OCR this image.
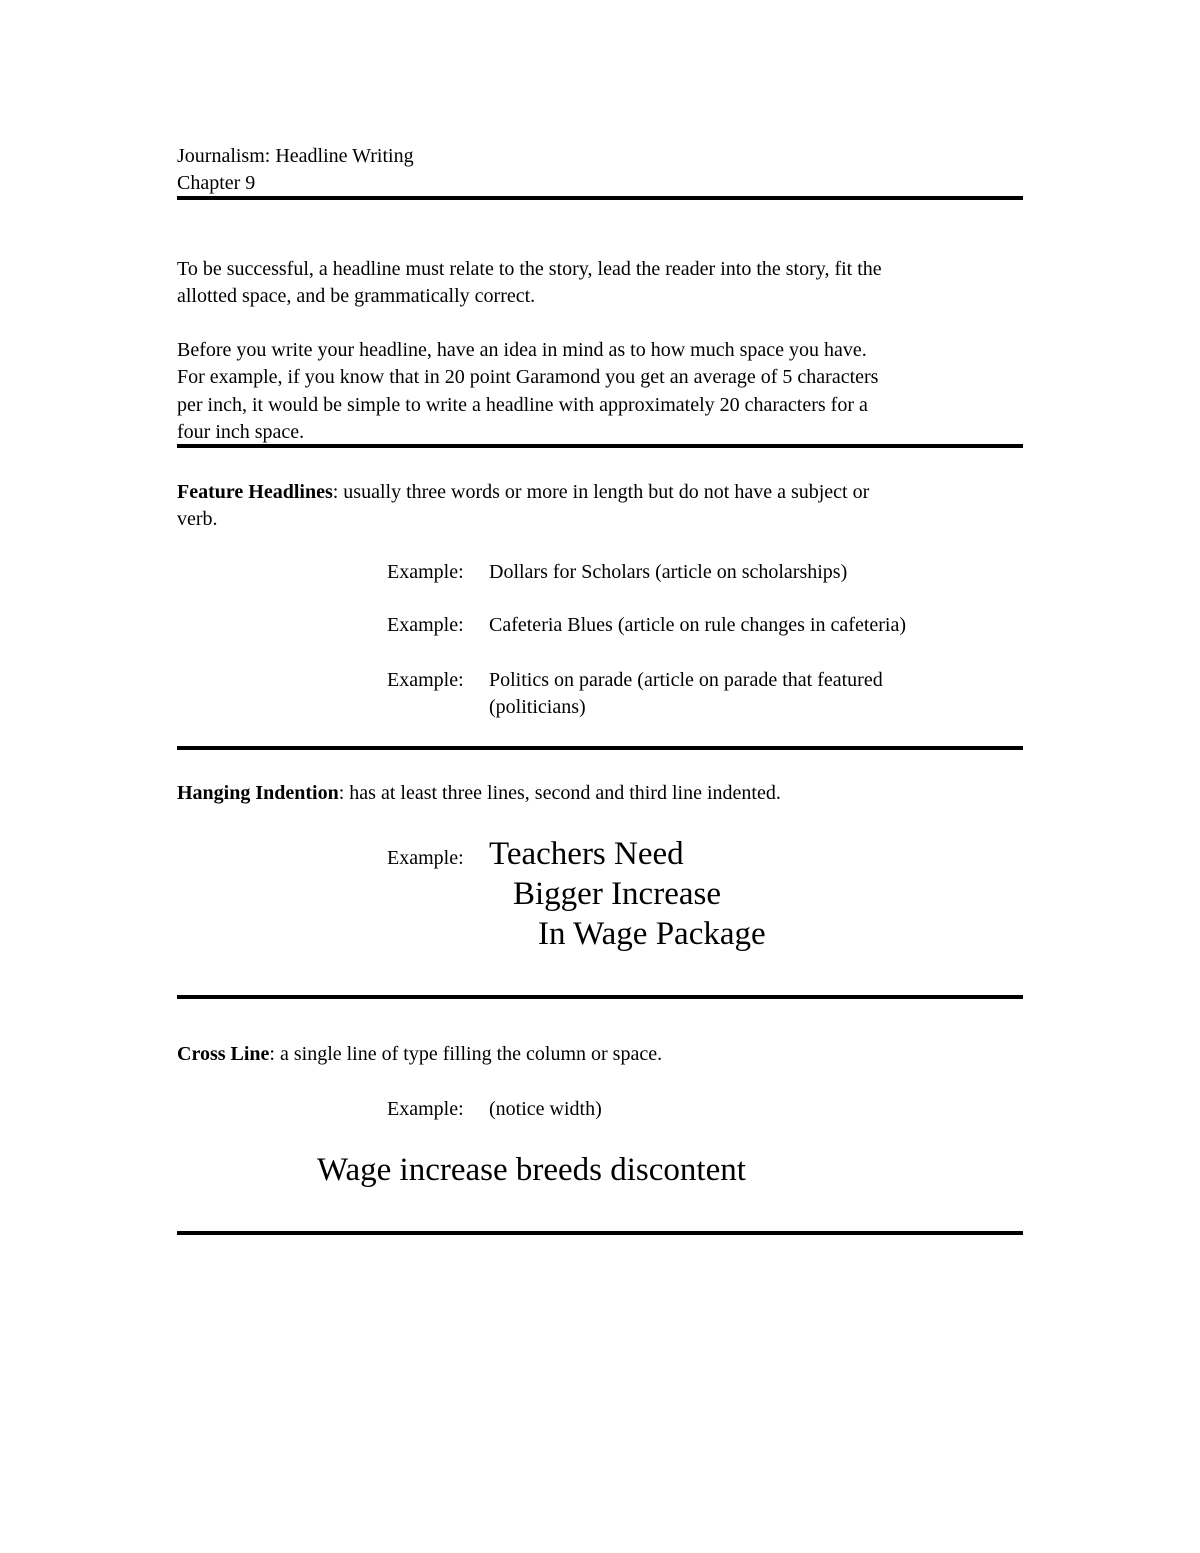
Journalism: Headline Writing
Chapter 9
To be successful, a headline must relate to the story, lead the reader into the story, fit the
allotted space, and be grammatically correct.
Before you write your headline, have an idea in mind as to how much space you have.
For example, if you know that in 20 point Garamond you get an average of 5 characters
per inch, it would be simple to write a headline with approximately 20 characters for a
four inch space.
Feature Headlines: usually three words or more in length but do not have a subject or
verb.
Example: Dollars for Scholars (article on scholarships)
Example: Cafeteria Blues (article on rule changes in cafeteria)
Example: Politics on parade (article on parade that featured
(politicians)
Hanging Indention: has at least three lines, second and third line indented.
Example: Teachers Need
Bigger Increase
In Wage Package
Cross Line: a single line of type filling the column or space.
Example: (notice width)
Wage increase breeds discontent
